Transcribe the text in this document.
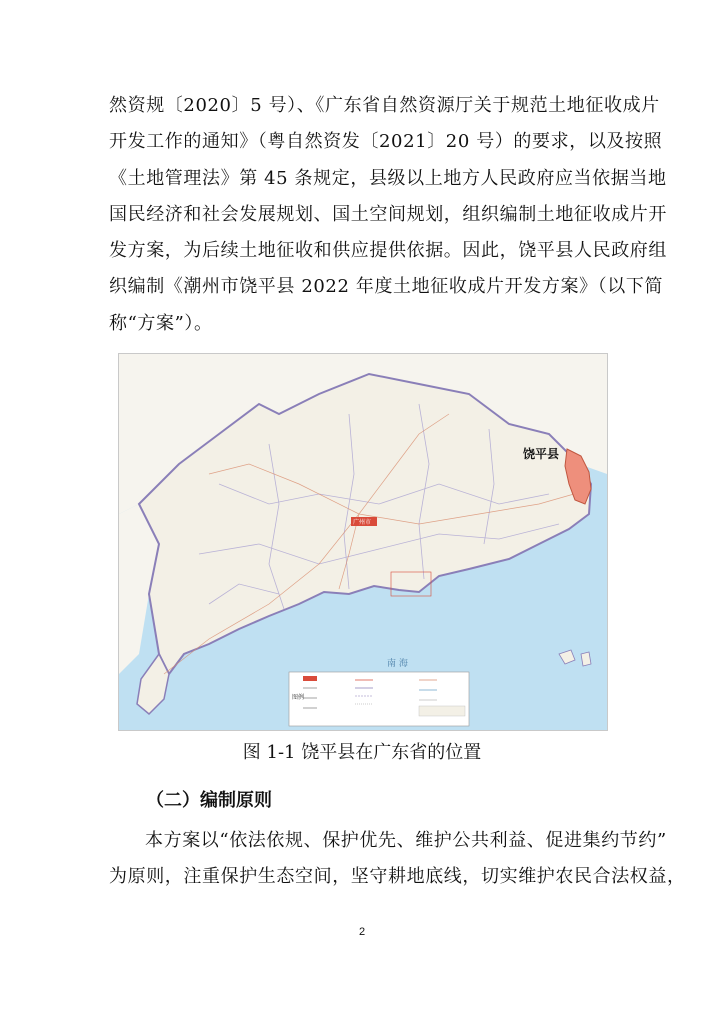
然资规〔2020〕5 号）、《广东省自然资源厅关于规范土地征收成片
开发工作的通知》（粤自然资发〔2021〕20 号）的要求，以及按照
《土地管理法》第 45 条规定，县级以上地方人民政府应当依据当地
国民经济和社会发展规划、国土空间规划，组织编制土地征收成片开
发方案，为后续土地征收和供应提供依据。因此，饶平县人民政府组
织编制《潮州市饶平县 2022 年度土地征收成片开发方案》（以下简
称“方案”）。
饶平县
广州市
南 海
图例
图 1-1 饶平县在广东省的位置
（二）编制原则
本方案以“依法依规、保护优先、维护公共利益、促进集约节约”
为原则，注重保护生态空间，坚守耕地底线，切实维护农民合法权益，
2
